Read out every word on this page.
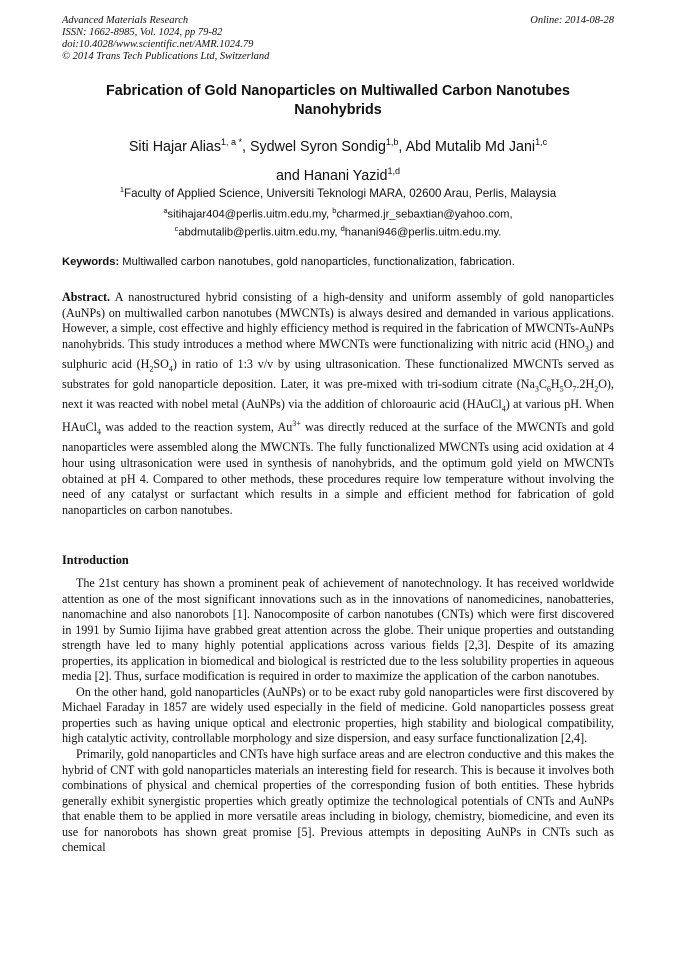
Advanced Materials Research
ISSN: 1662-8985, Vol. 1024, pp 79-82
doi:10.4028/www.scientific.net/AMR.1024.79
© 2014 Trans Tech Publications Ltd, Switzerland
Online: 2014-08-28
Fabrication of Gold Nanoparticles on Multiwalled Carbon Nanotubes
Nanohybrids
Siti Hajar Alias$^{1, a *}$, Sydwel Syron Sondig$^{1,b}$, Abd Mutalib Md Jani$^{1,c}$
and Hanani Yazid$^{1,d}$
$^1$Faculty of Applied Science, Universiti Teknologi MARA, 02600 Arau, Perlis, Malaysia
$^a$sitihajar404@perlis.uitm.edu.my, $^b$charmed.jr_sebaxtian@yahoo.com,
$^c$abdmutalib@perlis.uitm.edu.my, $^d$hanani946@perlis.uitm.edu.my.
Keywords: Multiwalled carbon nanotubes, gold nanoparticles, functionalization, fabrication.
Abstract. A nanostructured hybrid consisting of a high-density and uniform assembly of gold nanoparticles (AuNPs) on multiwalled carbon nanotubes (MWCNTs) is always desired and demanded in various applications. However, a simple, cost effective and highly efficiency method is required in the fabrication of MWCNTs-AuNPs nanohybrids. This study introduces a method where MWCNTs were functionalizing with nitric acid $(HNO_3)$ and sulphuric acid $(H_2SO_4)$ in ratio of 1:3 v/v by using ultrasonication. These functionalized MWCNTs served as substrates for gold nanoparticle deposition. Later, it was pre-mixed with tri-sodium citrate $(Na_3C_6H_5O_7.2H_2O)$, next it was reacted with nobel metal (AuNPs) via the addition of chloroauric acid (HAuCl$_4$) at various pH. When HAuCl$_4$ was added to the reaction system, $Au^{3+}$ was directly reduced at the surface of the MWCNTs and gold nanoparticles were assembled along the MWCNTs. The fully functionalized MWCNTs using acid oxidation at 4 hour using ultrasonication were used in synthesis of nanohybrids, and the optimum gold yield on MWCNTs obtained at pH 4. Compared to other methods, these procedures require low temperature without involving the need of any catalyst or surfactant which results in a simple and efficient method for fabrication of gold nanoparticles on carbon nanotubes.
Introduction

The 21st century has shown a prominent peak of achievement of nanotechnology. It has received worldwide attention as one of the most significant innovations such as in the innovations of nanomedicines, nanobatteries, nanomachine and also nanorobots [1]. Nanocomposite of carbon nanotubes (CNTs) which were first discovered in 1991 by Sumio Iijima have grabbed great attention across the globe. Their unique properties and outstanding strength have led to many highly potential applications across various fields [2,3]. Despite of its amazing properties, its application in biomedical and biological is restricted due to the less solubility properties in aqueous media [2]. Thus, surface modification is required in order to maximize the application of the carbon nanotubes.

On the other hand, gold nanoparticles (AuNPs) or to be exact ruby gold nanoparticles were first discovered by Michael Faraday in 1857 are widely used especially in the field of medicine. Gold nanoparticles possess great properties such as having unique optical and electronic properties, high stability and biological compatibility, high catalytic activity, controllable morphology and size dispersion, and easy surface functionalization [2,4].

Primarily, gold nanoparticles and CNTs have high surface areas and are electron conductive and this makes the hybrid of CNT with gold nanoparticles materials an interesting field for research. This is because it involves both combinations of physical and chemical properties of the corresponding fusion of both entities. These hybrids generally exhibit synergistic properties which greatly optimize the technological potentials of CNTs and AuNPs that enable them to be applied in more versatile areas including in biology, chemistry, biomedicine, and even its use for nanorobots has shown great promise [5]. Previous attempts in depositing AuNPs in CNTs such as chemical
